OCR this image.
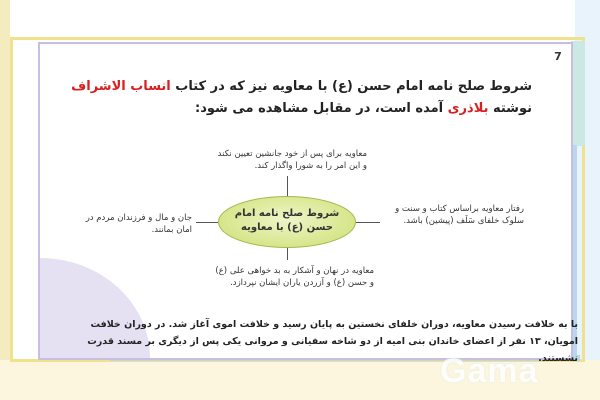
7
شروط صلح نامه امام حسن (ع) با معاویه نیز که در کتاب انساب الاشراف نوشته بلاذری آمده است، در مقابل مشاهده می شود:
شروط صلح نامه امام
حسن (ع) با معاویه
معاویه برای پس از خود جانشین تعیین نکند و این امر را به شورا واگذار کند.
رفتار معاویه براساس کتاب و سنت و سلوک خلفای سَلَف (پیشین) باشد.
جان و مال و فرزندان مردم در امان بمانند.
معاویه در نهان و آشکار به بد خواهی علی (ع) و حسن (ع) و آزردن یاران ایشان نپردازد.
با به خلافت رسیدن معاویه، دوران خلفای نخستین به پایان رسید و خلافت اموی آغاز شد. در دوران خلافت امویان، ۱۳ نفر از اعضای خاندان بنی امیه از دو شاخه سفیانی و مروانی یکی پس از دیگری بر مسند قدرت نشستند.
Gama
